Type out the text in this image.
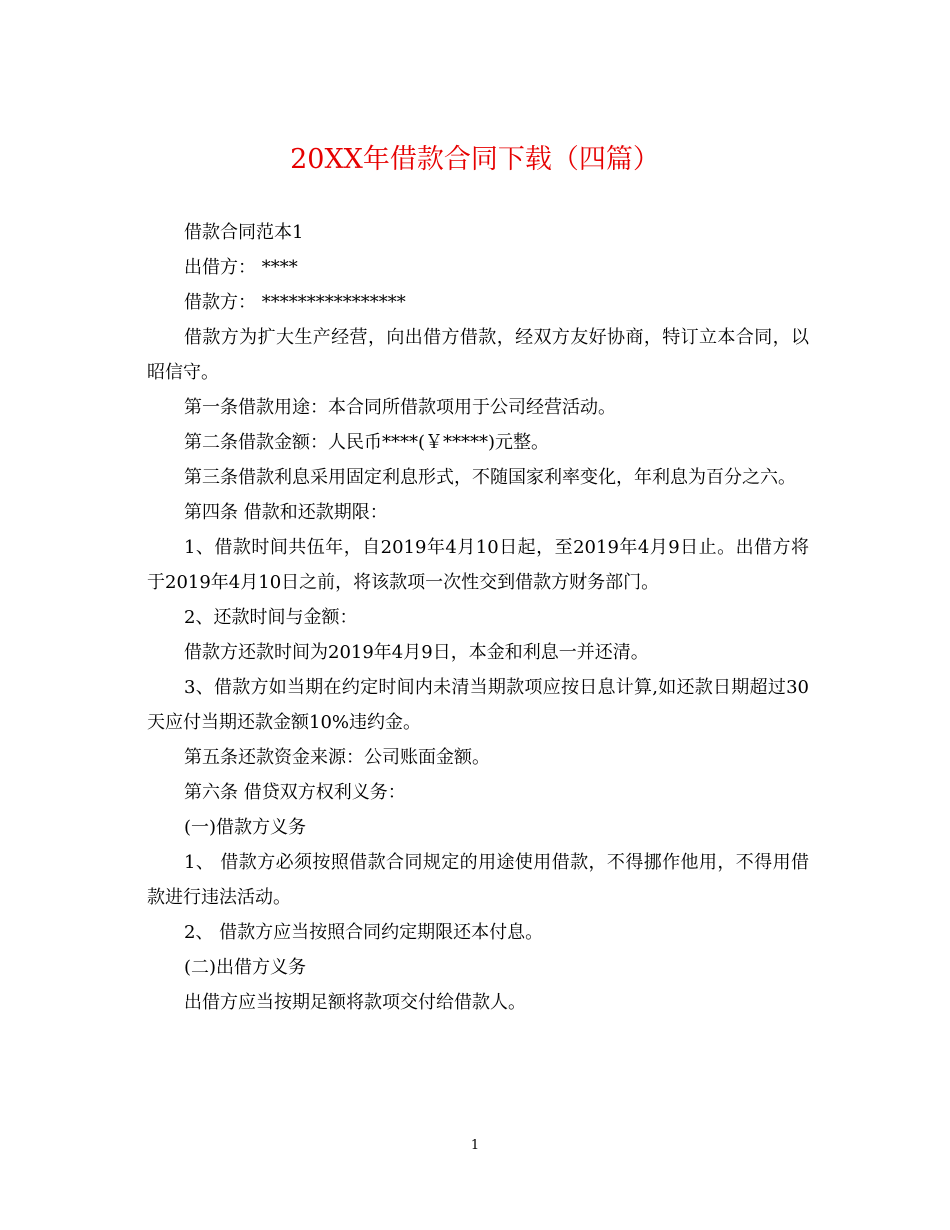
20XX年借款合同下载（四篇）

借款合同范本1

出借方： ****

借款方： ****************

借款方为扩大生产经营，向出借方借款，经双方友好协商，特订立本合同，以昭信守。

第一条借款用途：本合同所借款项用于公司经营活动。

第二条借款金额：人民币****(￥*****)元整。

第三条借款利息采用固定利息形式，不随国家利率变化，年利息为百分之六。

第四条 借款和还款期限：

1、借款时间共伍年，自2019年4月10日起，至2019年4月9日止。出借方将于2019年4月10日之前，将该款项一次性交到借款方财务部门。

2、还款时间与金额：

借款方还款时间为2019年4月9日，本金和利息一并还清。

3、借款方如当期在约定时间内未清当期款项应按日息计算,如还款日期超过30天应付当期还款金额10%违约金。

第五条还款资金来源：公司账面金额。

第六条 借贷双方权利义务：

(一)借款方义务

1、 借款方必须按照借款合同规定的用途使用借款，不得挪作他用，不得用借款进行违法活动。

2、 借款方应当按照合同约定期限还本付息。

(二)出借方义务

出借方应当按期足额将款项交付给借款人。

1
